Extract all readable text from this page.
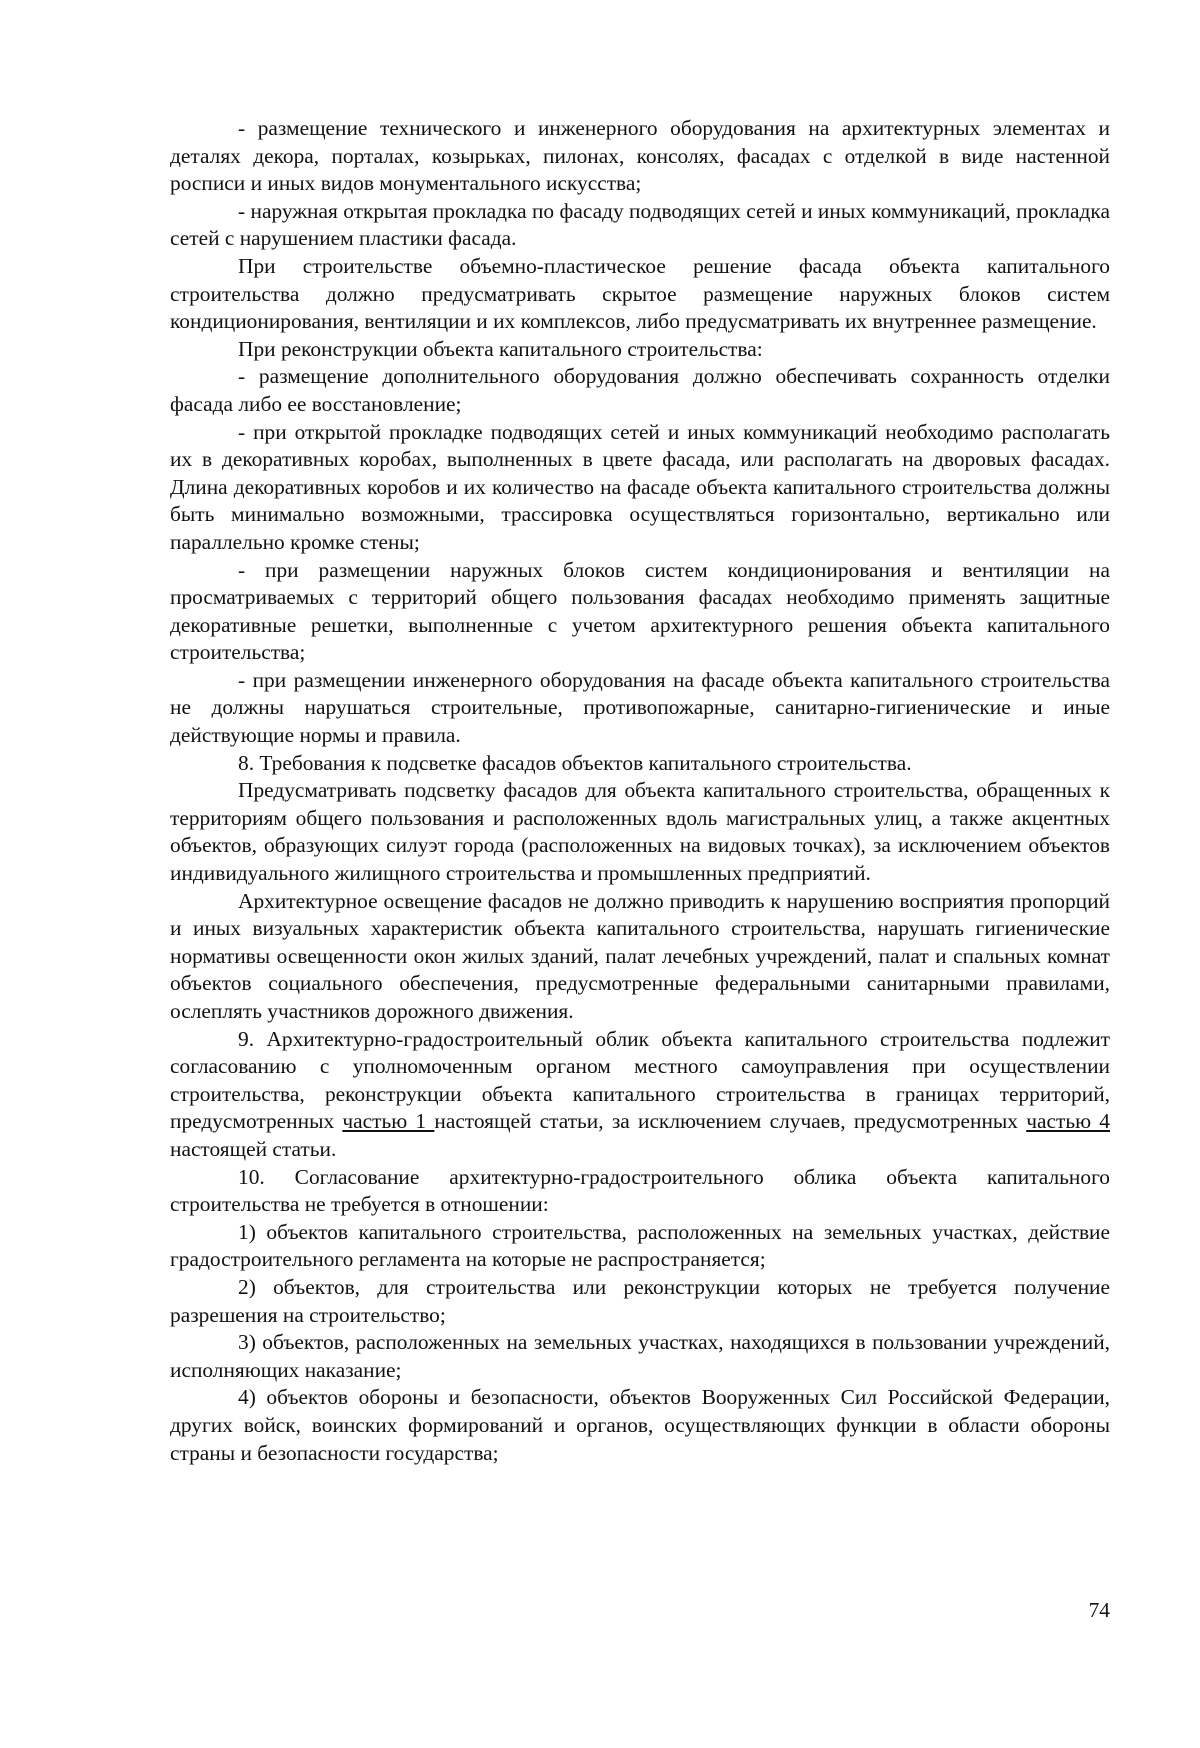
- размещение технического и инженерного оборудования на архитектурных элементах и деталях декора, порталах, козырьках, пилонах, консолях, фасадах с отделкой в виде настенной росписи и иных видов монументального искусства;

- наружная открытая прокладка по фасаду подводящих сетей и иных коммуникаций, прокладка сетей с нарушением пластики фасада.

При строительстве объемно-пластическое решение фасада объекта капитального строительства должно предусматривать скрытое размещение наружных блоков систем кондиционирования, вентиляции и их комплексов, либо предусматривать их внутреннее размещение.

При реконструкции объекта капитального строительства:

- размещение дополнительного оборудования должно обеспечивать сохранность отделки фасада либо ее восстановление;

- при открытой прокладке подводящих сетей и иных коммуникаций необходимо располагать их в декоративных коробах, выполненных в цвете фасада, или располагать на дворовых фасадах. Длина декоративных коробов и их количество на фасаде объекта капитального строительства должны быть минимально возможными, трассировка осуществляться горизонтально, вертикально или параллельно кромке стены;

- при размещении наружных блоков систем кондиционирования и вентиляции на просматриваемых с территорий общего пользования фасадах необходимо применять защитные декоративные решетки, выполненные с учетом архитектурного решения объекта капитального строительства;

- при размещении инженерного оборудования на фасаде объекта капитального строительства не должны нарушаться строительные, противопожарные, санитарно-гигиенические и иные действующие нормы и правила.

8. Требования к подсветке фасадов объектов капитального строительства.

Предусматривать подсветку фасадов для объекта капитального строительства, обращенных к территориям общего пользования и расположенных вдоль магистральных улиц, а также акцентных объектов, образующих силуэт города (расположенных на видовых точках), за исключением объектов индивидуального жилищного строительства и промышленных предприятий.

Архитектурное освещение фасадов не должно приводить к нарушению восприятия пропорций и иных визуальных характеристик объекта капитального строительства, нарушать гигиенические нормативы освещенности окон жилых зданий, палат лечебных учреждений, палат и спальных комнат объектов социального обеспечения, предусмотренные федеральными санитарными правилами, ослеплять участников дорожного движения.

9. Архитектурно-градостроительный облик объекта капитального строительства подлежит согласованию с уполномоченным органом местного самоуправления при осуществлении строительства, реконструкции объекта капитального строительства в границах территорий, предусмотренных частью 1 настоящей статьи, за исключением случаев, предусмотренных частью 4 настоящей статьи.

10. Согласование архитектурно-градостроительного облика объекта капитального строительства не требуется в отношении:

1) объектов капитального строительства, расположенных на земельных участках, действие градостроительного регламента на которые не распространяется;

2) объектов, для строительства или реконструкции которых не требуется получение разрешения на строительство;

3) объектов, расположенных на земельных участках, находящихся в пользовании учреждений, исполняющих наказание;

4) объектов обороны и безопасности, объектов Вооруженных Сил Российской Федерации, других войск, воинских формирований и органов, осуществляющих функции в области обороны страны и безопасности государства;

74
